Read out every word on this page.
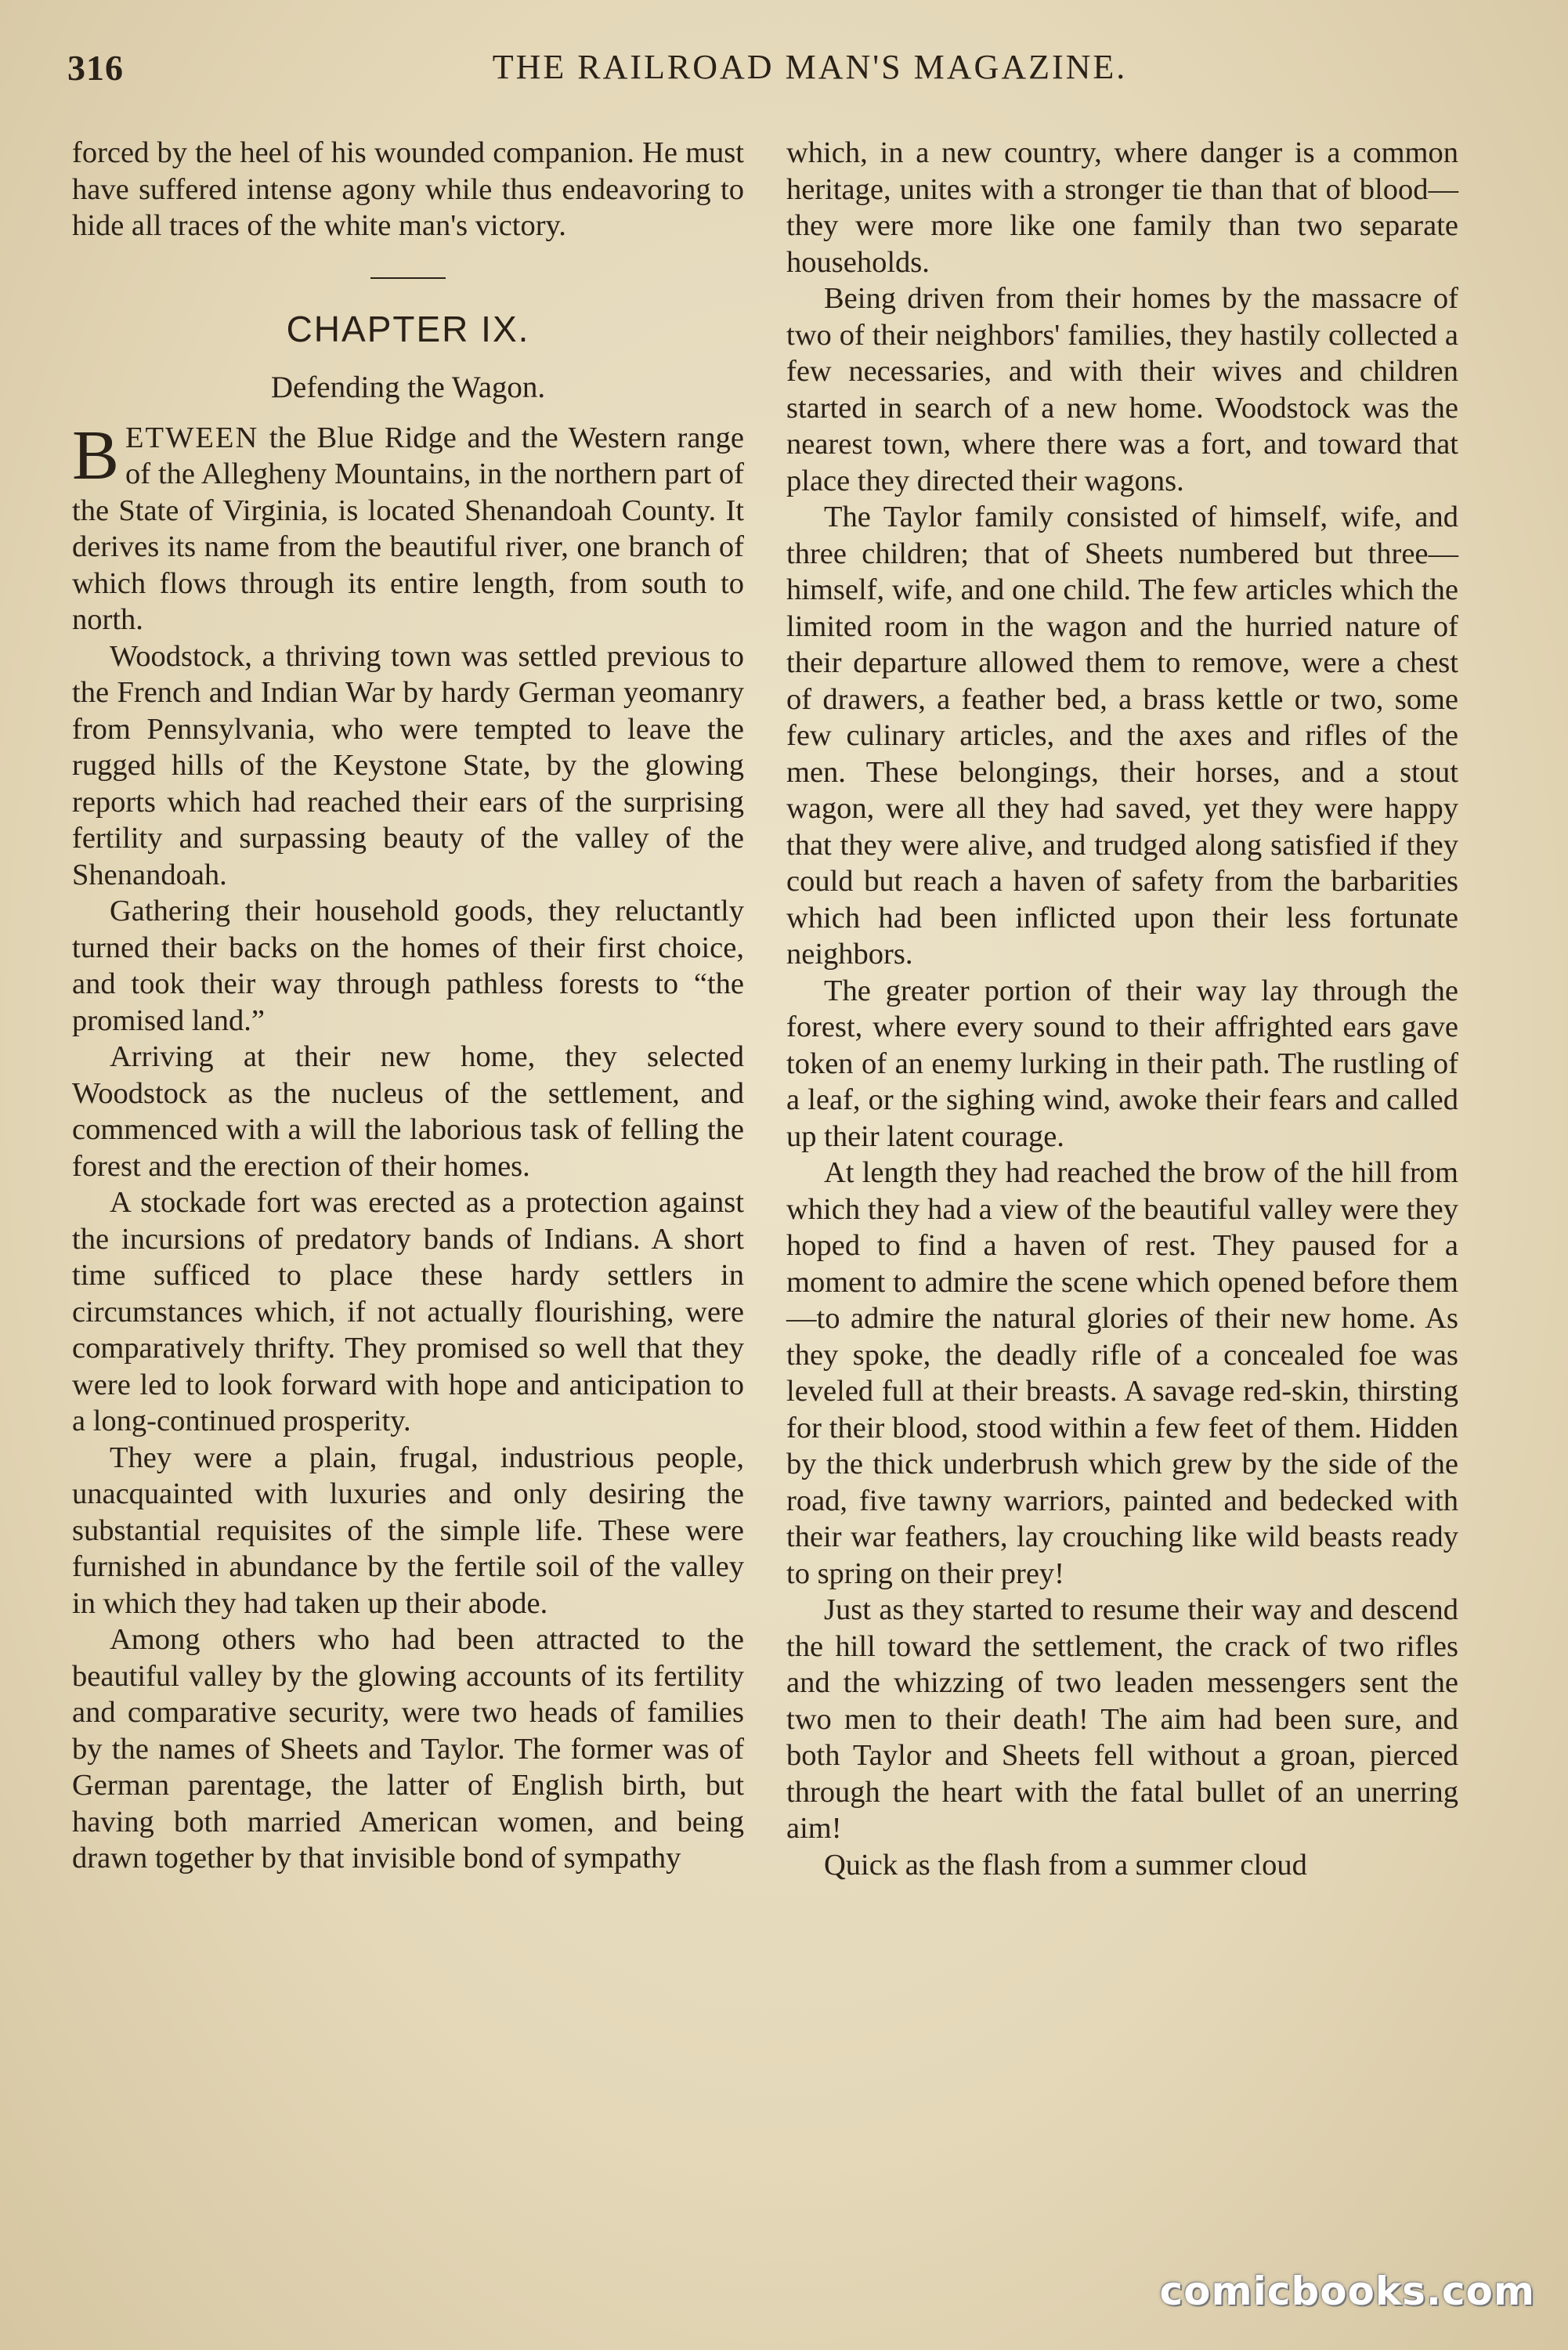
316	THE RAILROAD MAN'S MAGAZINE.

forced by the heel of his wounded companion. He must have suffered intense agony while thus endeavoring to hide all traces of the white man's victory.

CHAPTER IX.
Defending the Wagon.

BETWEEN the Blue Ridge and the Western range of the Allegheny Mountains, in the northern part of the State of Virginia, is located Shenandoah County. It derives its name from the beautiful river, one branch of which flows through its entire length, from south to north.

Woodstock, a thriving town was settled previous to the French and Indian War by hardy German yeomanry from Pennsylvania, who were tempted to leave the rugged hills of the Keystone State, by the glowing reports which had reached their ears of the surprising fertility and surpassing beauty of the valley of the Shenandoah.

Gathering their household goods, they reluctantly turned their backs on the homes of their first choice, and took their way through pathless forests to “the promised land.”

Arriving at their new home, they selected Woodstock as the nucleus of the settlement, and commenced with a will the laborious task of felling the forest and the erection of their homes.

A stockade fort was erected as a protection against the incursions of predatory bands of Indians. A short time sufficed to place these hardy settlers in circumstances which, if not actually flourishing, were comparatively thrifty. They promised so well that they were led to look forward with hope and anticipation to a long-continued prosperity.

They were a plain, frugal, industrious people, unacquainted with luxuries and only desiring the substantial requisites of the simple life. These were furnished in abundance by the fertile soil of the valley in which they had taken up their abode.

Among others who had been attracted to the beautiful valley by the glowing accounts of its fertility and comparative security, were two heads of families by the names of Sheets and Taylor. The former was of German parentage, the latter of English birth, but having both married American women, and being drawn together by that invisible bond of sympathy

which, in a new country, where danger is a common heritage, unites with a stronger tie than that of blood—they were more like one family than two separate households.

Being driven from their homes by the massacre of two of their neighbors' families, they hastily collected a few necessaries, and with their wives and children started in search of a new home. Woodstock was the nearest town, where there was a fort, and toward that place they directed their wagons.

The Taylor family consisted of himself, wife, and three children; that of Sheets numbered but three—himself, wife, and one child. The few articles which the limited room in the wagon and the hurried nature of their departure allowed them to remove, were a chest of drawers, a feather bed, a brass kettle or two, some few culinary articles, and the axes and rifles of the men. These belongings, their horses, and a stout wagon, were all they had saved, yet they were happy that they were alive, and trudged along satisfied if they could but reach a haven of safety from the barbarities which had been inflicted upon their less fortunate neighbors.

The greater portion of their way lay through the forest, where every sound to their affrighted ears gave token of an enemy lurking in their path. The rustling of a leaf, or the sighing wind, awoke their fears and called up their latent courage.

At length they had reached the brow of the hill from which they had a view of the beautiful valley were they hoped to find a haven of rest. They paused for a moment to admire the scene which opened before them—to admire the natural glories of their new home. As they spoke, the deadly rifle of a concealed foe was leveled full at their breasts. A savage red-skin, thirsting for their blood, stood within a few feet of them. Hidden by the thick underbrush which grew by the side of the road, five tawny warriors, painted and bedecked with their war feathers, lay crouching like wild beasts ready to spring on their prey!

Just as they started to resume their way and descend the hill toward the settlement, the crack of two rifles and the whizzing of two leaden messengers sent the two men to their death! The aim had been sure, and both Taylor and Sheets fell without a groan, pierced through the heart with the fatal bullet of an unerring aim!

Quick as the flash from a summer cloud

comicbooks.com
